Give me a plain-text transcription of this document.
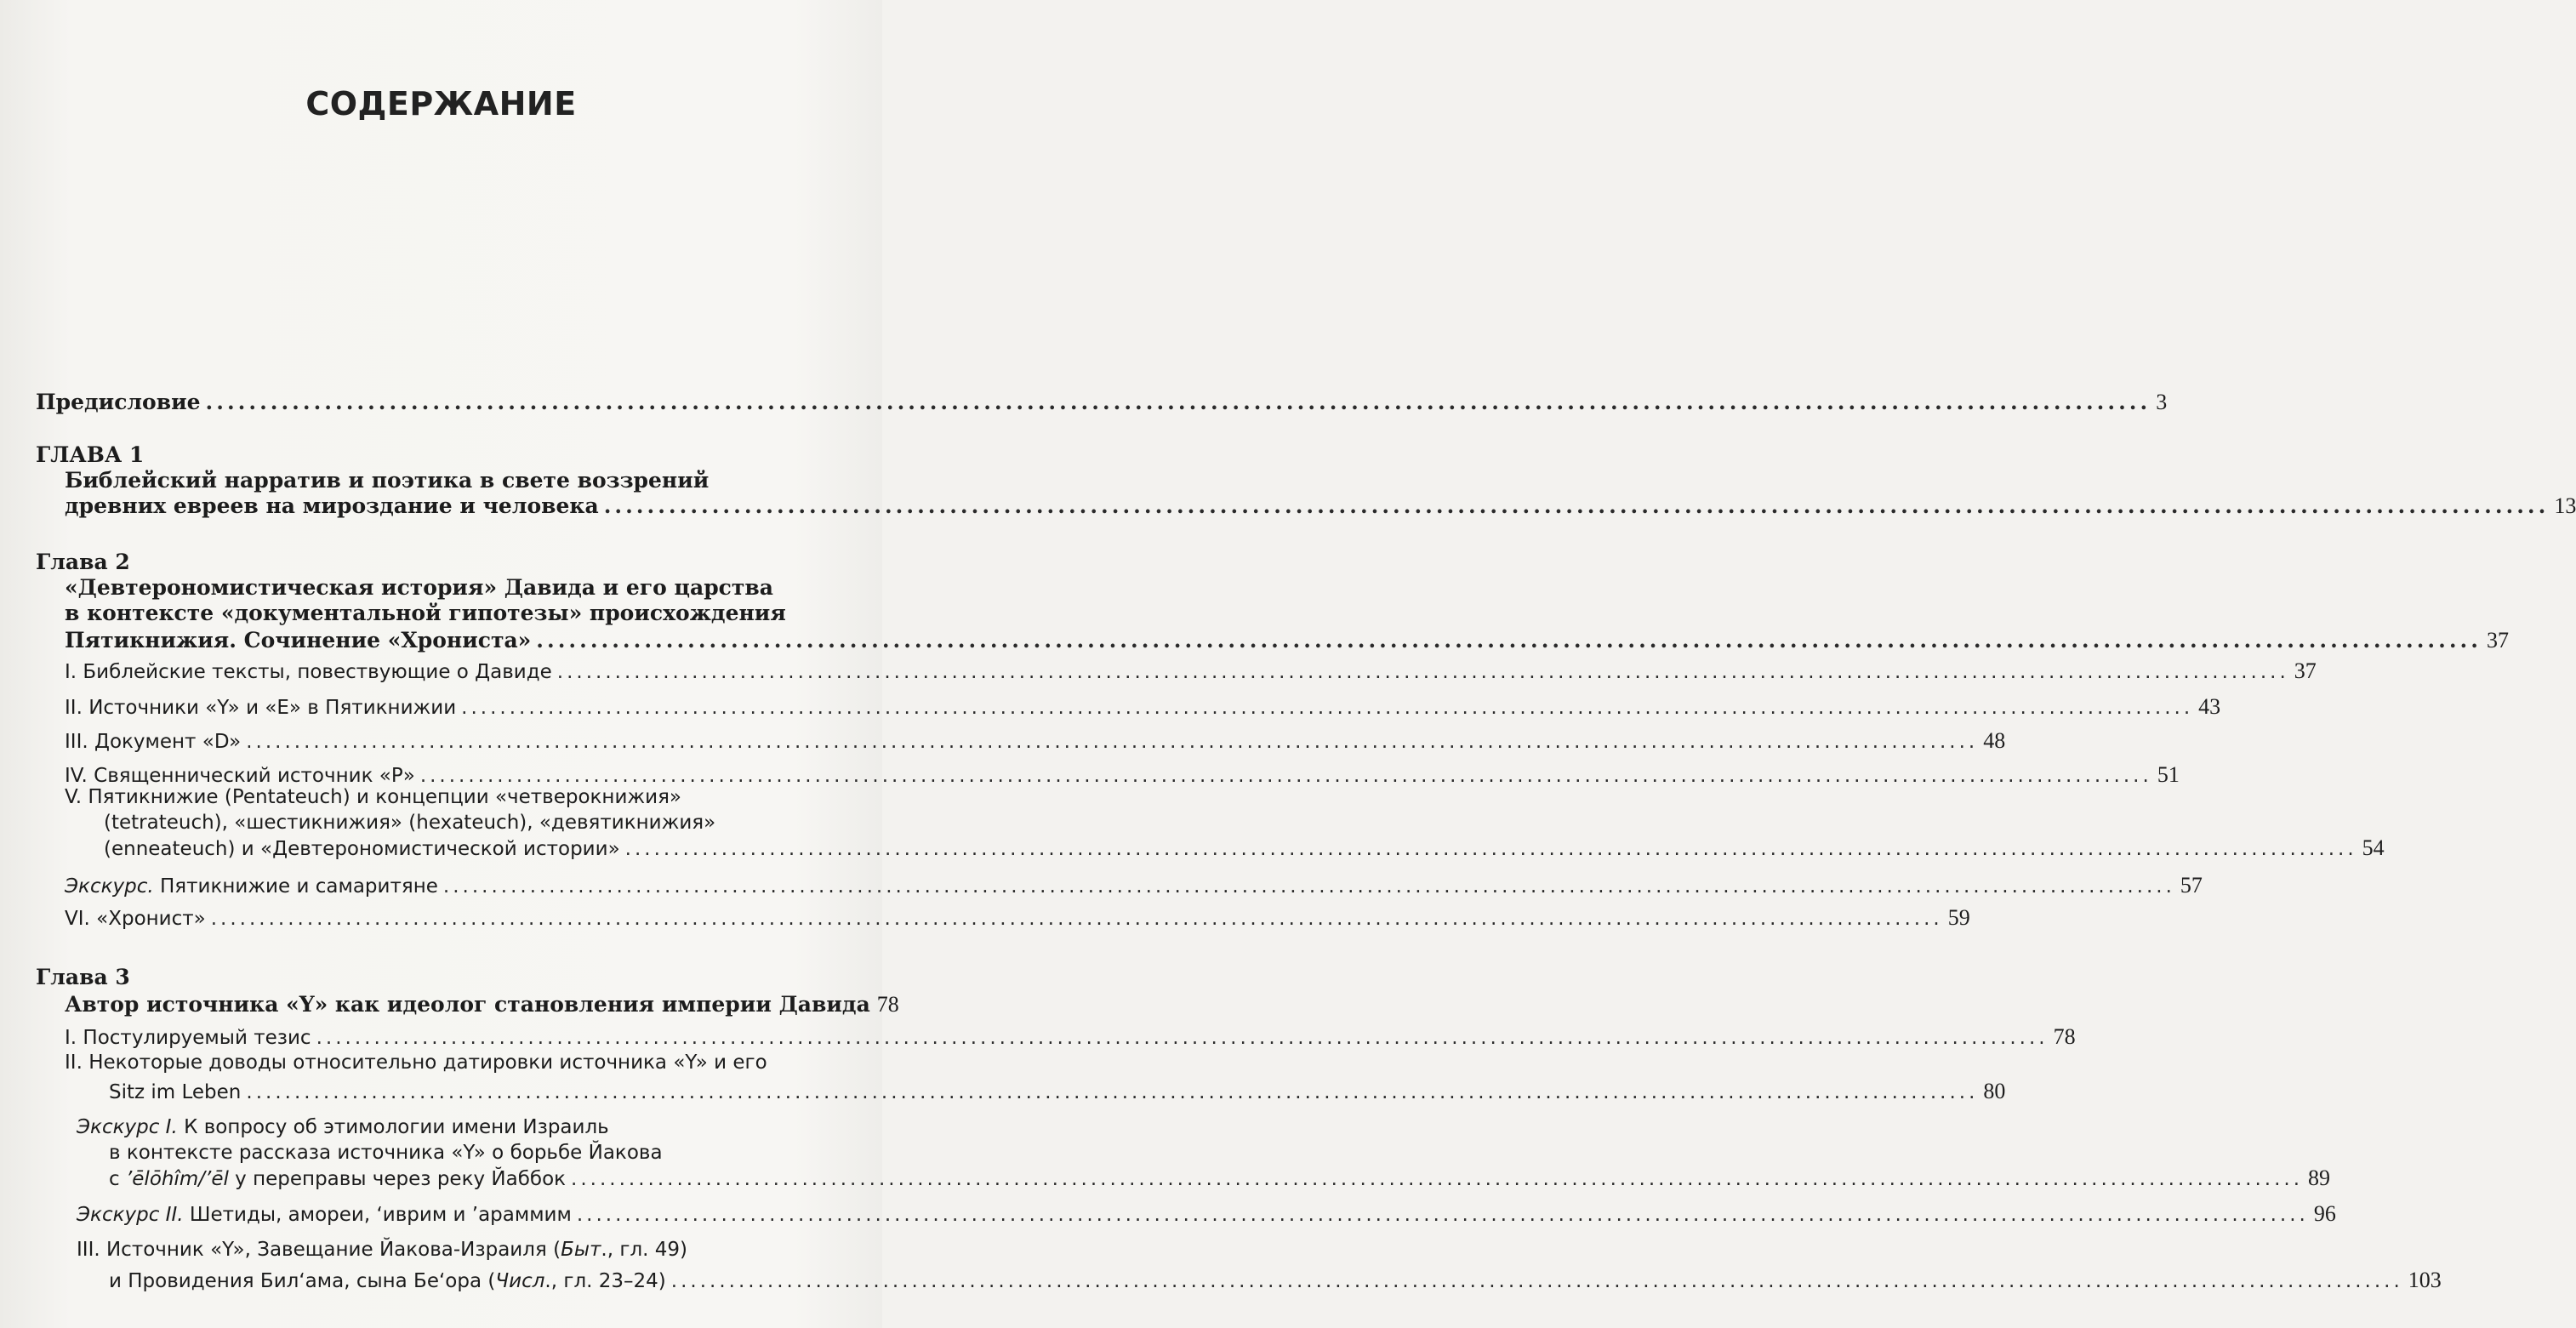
СОДЕРЖАНИЕ
Предисловие .....	3
ГЛАВА 1
Библейский нарратив и поэтика в свете воззрений
древних евреев на мироздание и человека .....	13
Глава 2
«Девтерономистическая история» Давида и его царства
в контексте «документальной гипотезы» происхождения
Пятикнижия. Сочинение «Хрониста» .....	37
I. Библейские тексты, повествующие о Давиде .....	37
II. Источники «Y» и «E» в Пятикнижии .....	43
III. Документ «D» .....	48
IV. Священнический источник «P» .....	51
V. Пятикнижие (Pentateuch) и концепции «четверокнижия»
(tetrateuch), «шестикнижия» (hexateuch), «девятикнижия»
(enneateuch) и «Девтерономистической истории» .....	54
Экскурс. Пятикнижие и самаритяне .....	57
VI. «Хронист» .....	59
Глава 3
Автор источника «Y» как идеолог становления империи Давида 78
I. Постулируемый тезис .....	78
II. Некоторые доводы относительно датировки источника «Y» и его
Sitz im Leben .....	80
Экскурс I. К вопросу об этимологии имени Израиль
в контексте рассказа источника «Y» о борьбе Йакова
с ’ēlōhîm/’ēl у переправы через реку Йаббок .....	89
Экскурс II. Шетиды, амореи, ‘иврим и ’араммим .....	96
III. Источник «Y», Завещание Йакова-Израиля (Быт., гл. 49)
и Провидения Бил‘ама, сына Бе‘ора (Числ., гл. 23–24) .....	103
